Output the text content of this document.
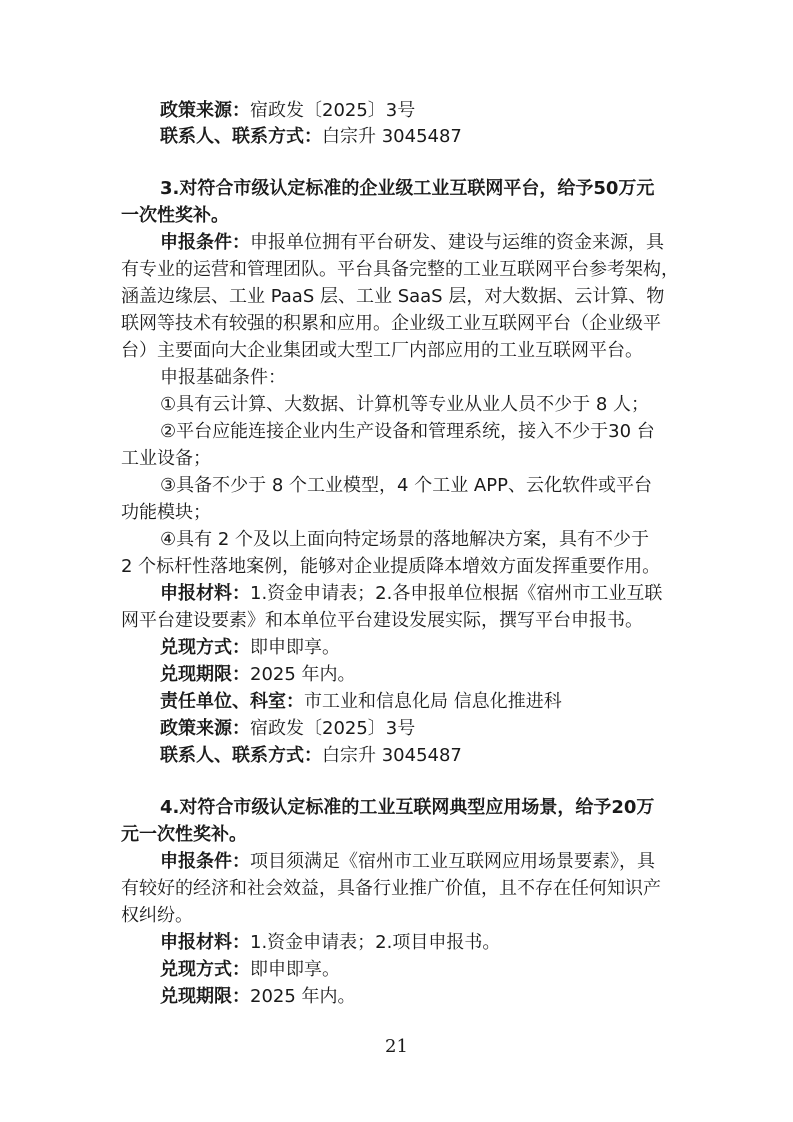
政策来源：宿政发〔2025〕3号
联系人、联系方式：白宗升 3045487
3.对符合市级认定标准的企业级工业互联网平台，给予50万元
一次性奖补。
申报条件：申报单位拥有平台研发、建设与运维的资金来源，具
有专业的运营和管理团队。平台具备完整的工业互联网平台参考架构，
涵盖边缘层、工业 PaaS 层、工业 SaaS 层，对大数据、云计算、物
联网等技术有较强的积累和应用。企业级工业互联网平台（企业级平
台）主要面向大企业集团或大型工厂内部应用的工业互联网平台。
申报基础条件：
①具有云计算、大数据、计算机等专业从业人员不少于 8 人；
②平台应能连接企业内生产设备和管理系统，接入不少于30 台
工业设备；
③具备不少于 8 个工业模型，4 个工业 APP、云化软件或平台
功能模块；
④具有 2 个及以上面向特定场景的落地解决方案，具有不少于
2 个标杆性落地案例，能够对企业提质降本增效方面发挥重要作用。
申报材料：1.资金申请表；2.各申报单位根据《宿州市工业互联
网平台建设要素》和本单位平台建设发展实际，撰写平台申报书。
兑现方式：即申即享。
兑现期限：2025 年内。
责任单位、科室：市工业和信息化局 信息化推进科
政策来源：宿政发〔2025〕3号
联系人、联系方式：白宗升 3045487
4.对符合市级认定标准的工业互联网典型应用场景，给予20万
元一次性奖补。
申报条件：项目须满足《宿州市工业互联网应用场景要素》，具
有较好的经济和社会效益，具备行业推广价值，且不存在任何知识产
权纠纷。
申报材料：1.资金申请表；2.项目申报书。
兑现方式：即申即享。
兑现期限：2025 年内。
21
